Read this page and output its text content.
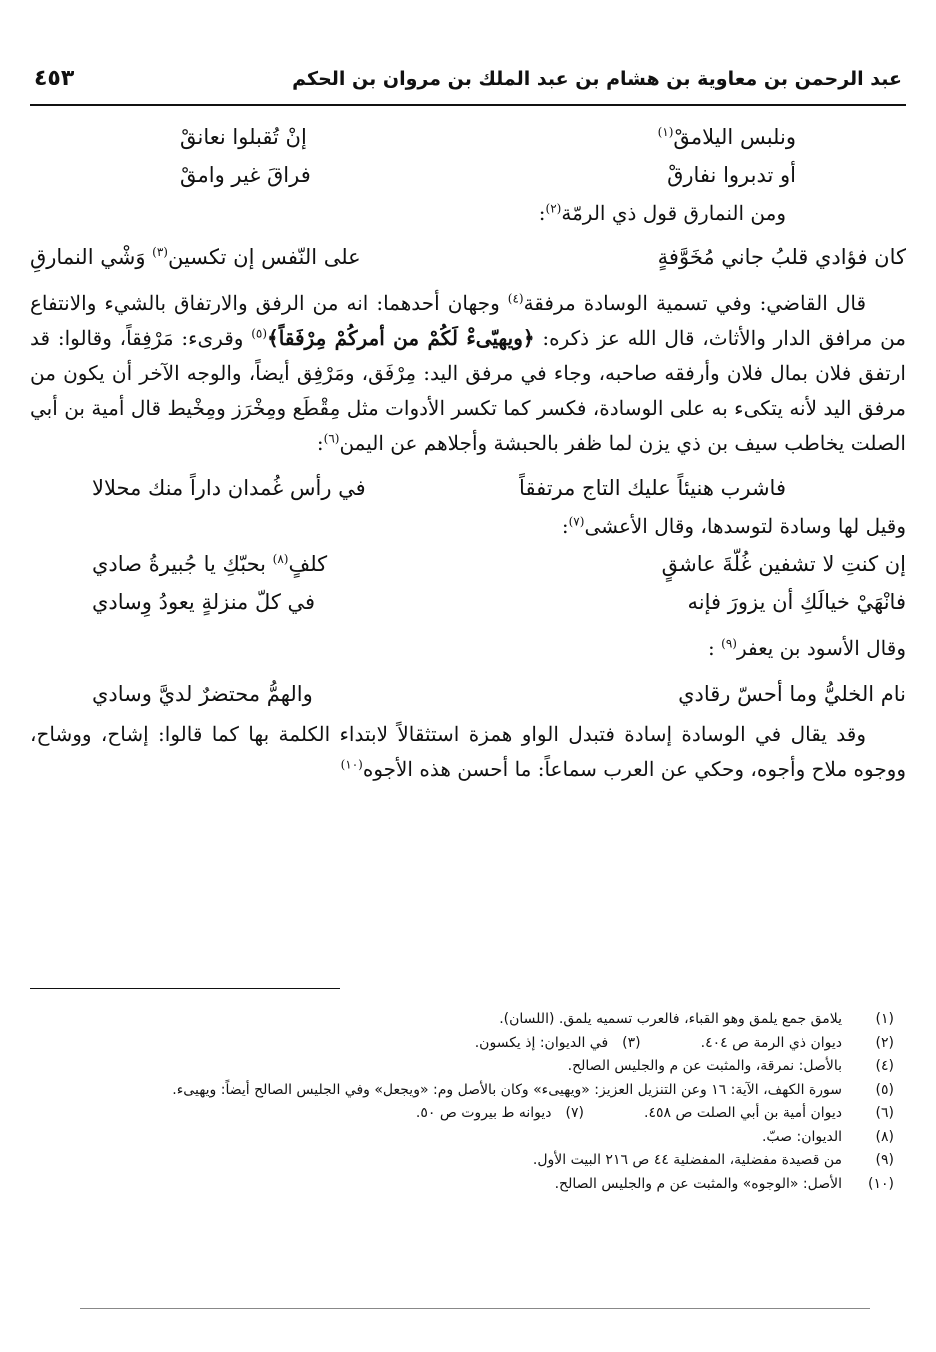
عبد الرحمن بن معاوية بن هشام بن عبد الملك بن مروان بن الحكم
٤٥٣
ونلبس اليلامقْ$^{(١)}$
إنْ تُقبلوا نعانقْ
أو تدبروا نفارقْ
فراقَ غير وامقْ
ومن النمارق قول ذي الرمّة$^{(٢)}$:
كان فؤادي قلبُ جاني مُخَوَّفةٍ
على النّفس إن تكسين$^{(٣)}$ وَشْي النمارقِ

قال القاضي: وفي تسمية الوسادة مرفقة$^{(٤)}$ وجهان أحدهما: انه من الرفق والارتفاق بالشيء والانتفاع من مرافق الدار والأثاث، قال الله عز ذكره: ﴿ويهيّىءْ لَكُمْ من أمركُمْ مِرْفَقاً﴾$^{(٥)}$ وقرىء: مَرْفِقاً، وقالوا: قد ارتفق فلان بمال فلان وأرفقه صاحبه، وجاء في مرفق اليد: مِرْفَق، ومَرْفِق أيضاً، والوجه الآخر أن يكون من مرفق اليد لأنه يتكىء به على الوسادة، فكسر كما تكسر الأدوات مثل مِقْطَع ومِخْرَز ومِخْيط قال أمية بن أبي الصلت يخاطب سيف بن ذي يزن لما ظفر بالحبشة وأجلاهم عن اليمن$^{(٦)}$:

فاشرب هنيئاً عليك التاج مرتفقاً
في رأس غُمدان داراً منك محلالا
وقيل لها وسادة لتوسدها، وقال الأعشى$^{(٧)}$:
إن كنتِ لا تشفين غُلّةَ عاشقٍ
كلفٍ$^{(٨)}$ بحبّكِ يا جُبيرةُ صادي
فانْهَيْ خيالَكِ أن يزورَ فإنه
في كلّ منزلةٍ يعودُ وِسادي
وقال الأسود بن يعفر$^{(٩)}$ :
نام الخليُّ وما أحسّ رقادي
والهمُّ محتضرٌ لديَّ وسادي

وقد يقال في الوسادة إسادة فتبدل الواو همزة استثقالاً لابتداء الكلمة بها كما قالوا: إشاح، ووشاح، ووجوه ملاح وأجوه، وحكي عن العرب سماعاً: ما أحسن هذه الأجوه$^{(١٠)}$

(١)
يلامق جمع يلمق وهو القباء، فالعرب تسميه يلمق. (اللسان).
(٢)
ديوان ذي الرمة ص ٤٠٤.
(٣)
في الديوان: إذ يكسون.
(٤)
بالأصل: نمرقة، والمثبت عن م والجليس الصالح.
(٥)
سورة الكهف، الآية: ١٦ وعن التنزيل العزيز: «ويهيىء» وكان بالأصل وم: «ويجعل» وفي الجليس الصالح أيضاً: ويهيىء.
(٦)
ديوان أمية بن أبي الصلت ص ٤٥٨.
(٧)
ديوانه ط بيروت ص ٥٠.
(٨)
الديوان: صبّ.
(٩)
من قصيدة مفضلية، المفضلية ٤٤ ص ٢١٦ البيت الأول.
(١٠)
الأصل: «الوجوه» والمثبت عن م والجليس الصالح.
